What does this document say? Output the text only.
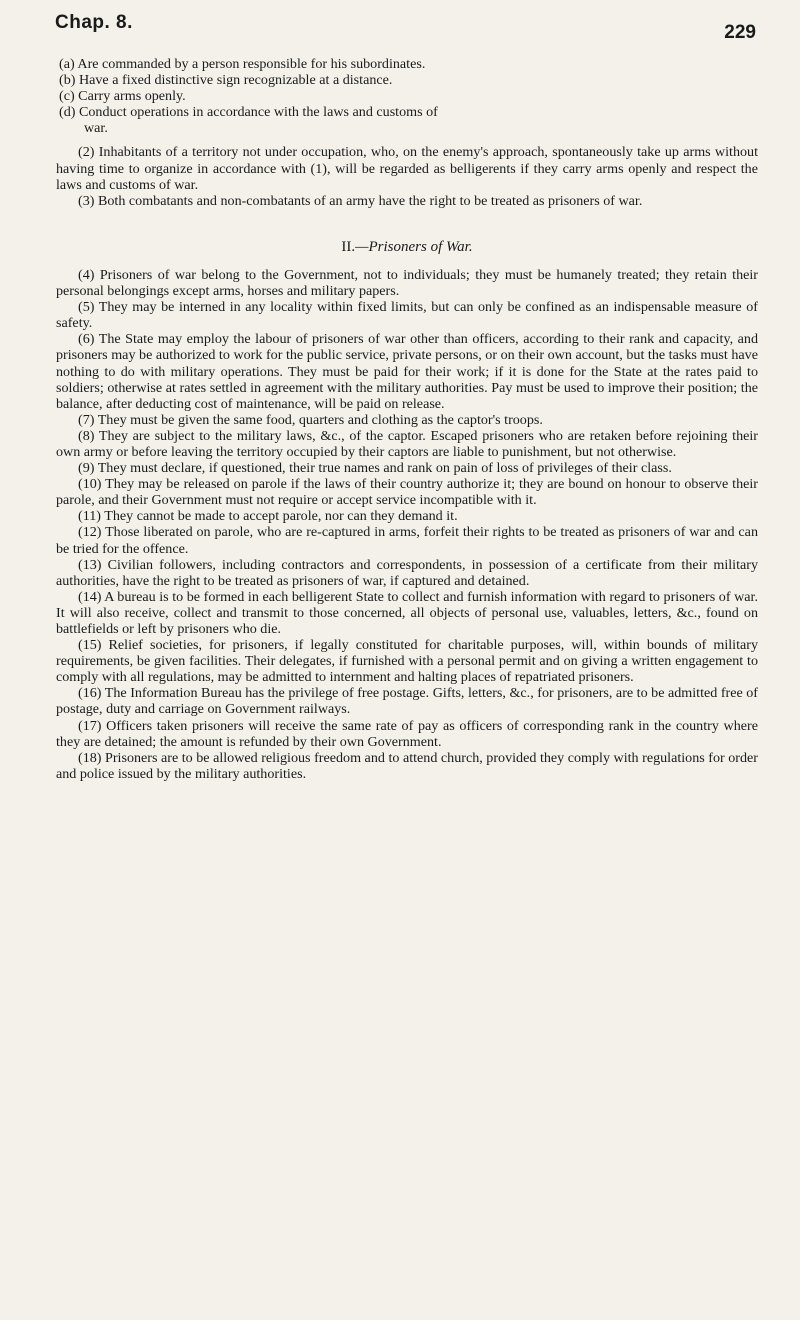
Chap. 8.	229

(a) Are commanded by a person responsible for his subordinates.

(b) Have a fixed distinctive sign recognizable at a distance.

(c) Carry arms openly.

(d) Conduct operations in accordance with the laws and customs of

war.

(2) Inhabitants of a territory not under occupation, who, on the enemy's approach, spontaneously take up arms without having time to organize in accordance with (1), will be regarded as belligerents if they carry arms openly and respect the laws and customs of war.

(3) Both combatants and non-combatants of an army have the right to be treated as prisoners of war.

II.—Prisoners of War.

(4) Prisoners of war belong to the Government, not to individuals; they must be humanely treated; they retain their personal belongings except arms, horses and military papers.

(5) They may be interned in any locality within fixed limits, but can only be confined as an indispensable measure of safety.

(6) The State may employ the labour of prisoners of war other than officers, according to their rank and capacity, and prisoners may be authorized to work for the public service, private persons, or on their own account, but the tasks must have nothing to do with military operations. They must be paid for their work; if it is done for the State at the rates paid to soldiers; otherwise at rates settled in agreement with the military authorities. Pay must be used to improve their position; the balance, after deducting cost of maintenance, will be paid on release.

(7) They must be given the same food, quarters and clothing as the captor's troops.

(8) They are subject to the military laws, &c., of the captor. Escaped prisoners who are retaken before rejoining their own army or before leaving the territory occupied by their captors are liable to punishment, but not otherwise.

(9) They must declare, if questioned, their true names and rank on pain of loss of privileges of their class.

(10) They may be released on parole if the laws of their country authorize it; they are bound on honour to observe their parole, and their Government must not require or accept service incompatible with it.

(11) They cannot be made to accept parole, nor can they demand it.

(12) Those liberated on parole, who are re-captured in arms, forfeit their rights to be treated as prisoners of war and can be tried for the offence.

(13) Civilian followers, including contractors and correspondents, in possession of a certificate from their military authorities, have the right to be treated as prisoners of war, if captured and detained.

(14) A bureau is to be formed in each belligerent State to collect and furnish information with regard to prisoners of war. It will also receive, collect and transmit to those concerned, all objects of personal use, valuables, letters, &c., found on battlefields or left by prisoners who die.

(15) Relief societies, for prisoners, if legally constituted for charitable purposes, will, within bounds of military requirements, be given facilities. Their delegates, if furnished with a personal permit and on giving a written engagement to comply with all regulations, may be admitted to internment and halting places of repatriated prisoners.

(16) The Information Bureau has the privilege of free postage. Gifts, letters, &c., for prisoners, are to be admitted free of postage, duty and carriage on Government railways.

(17) Officers taken prisoners will receive the same rate of pay as officers of corresponding rank in the country where they are detained; the amount is refunded by their own Government.

(18) Prisoners are to be allowed religious freedom and to attend church, provided they comply with regulations for order and police issued by the military authorities.
